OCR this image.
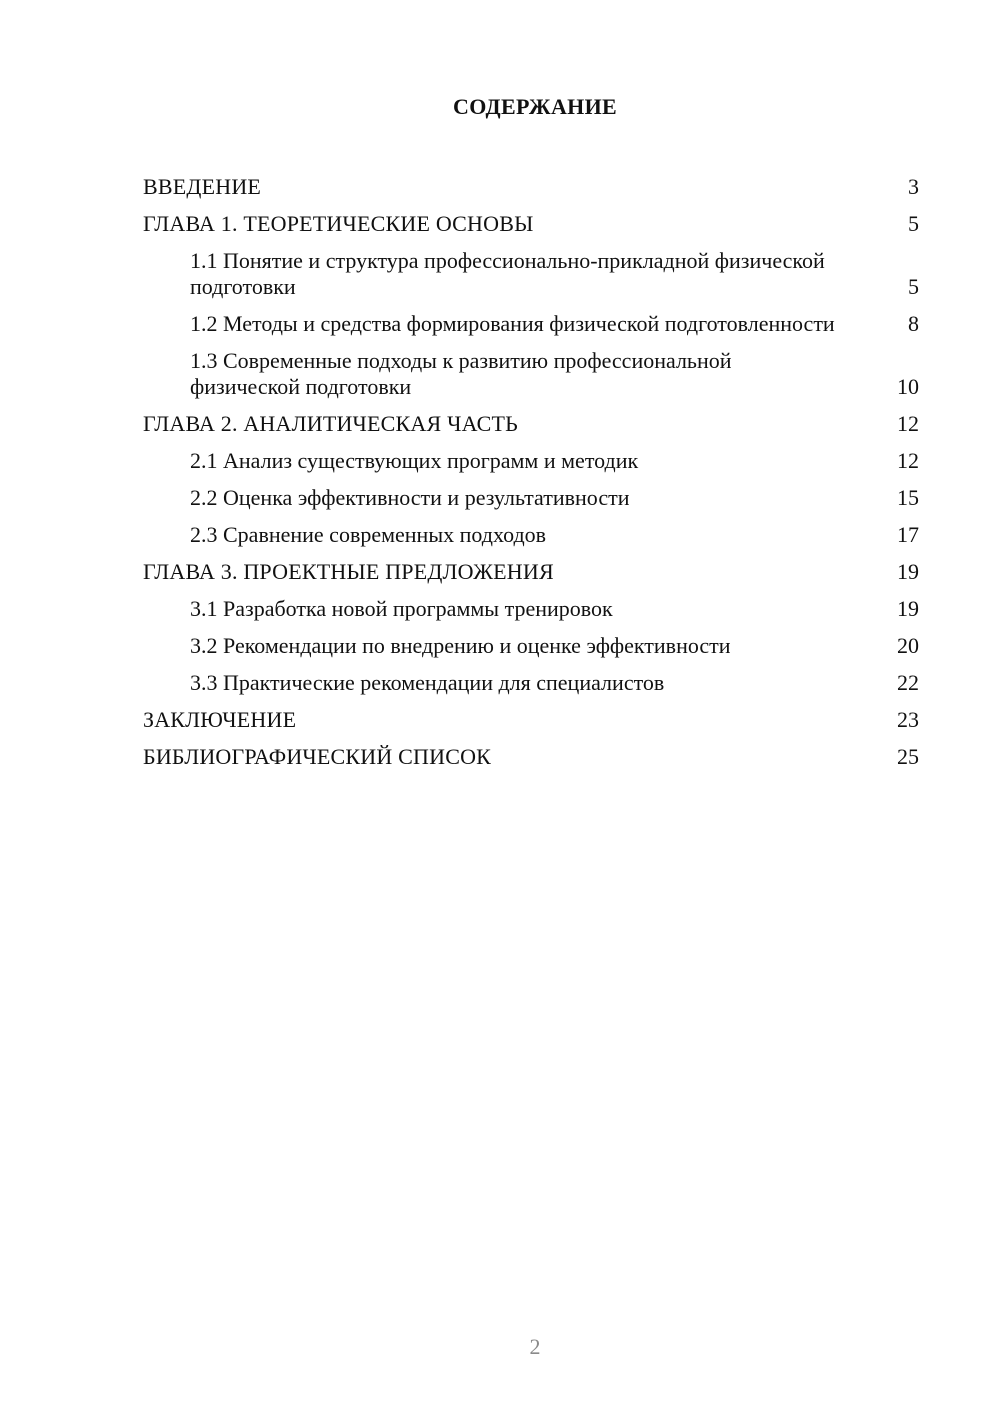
СОДЕРЖАНИЕ
ВВЕДЕНИЕ	3
ГЛАВА 1. ТЕОРЕТИЧЕСКИЕ ОСНОВЫ	5
1.1 Понятие и структура профессионально-прикладной физической подготовки	5
1.2 Методы и средства формирования физической подготовленности	8
1.3 Современные подходы к развитию профессиональной физической подготовки	10
ГЛАВА 2. АНАЛИТИЧЕСКАЯ ЧАСТЬ	12
2.1 Анализ существующих программ и методик	12
2.2 Оценка эффективности и результативности	15
2.3 Сравнение современных подходов	17
ГЛАВА 3. ПРОЕКТНЫЕ ПРЕДЛОЖЕНИЯ	19
3.1 Разработка новой программы тренировок	19
3.2 Рекомендации по внедрению и оценке эффективности	20
3.3 Практические рекомендации для специалистов	22
ЗАКЛЮЧЕНИЕ	23
БИБЛИОГРАФИЧЕСКИЙ СПИСОК	25
2
